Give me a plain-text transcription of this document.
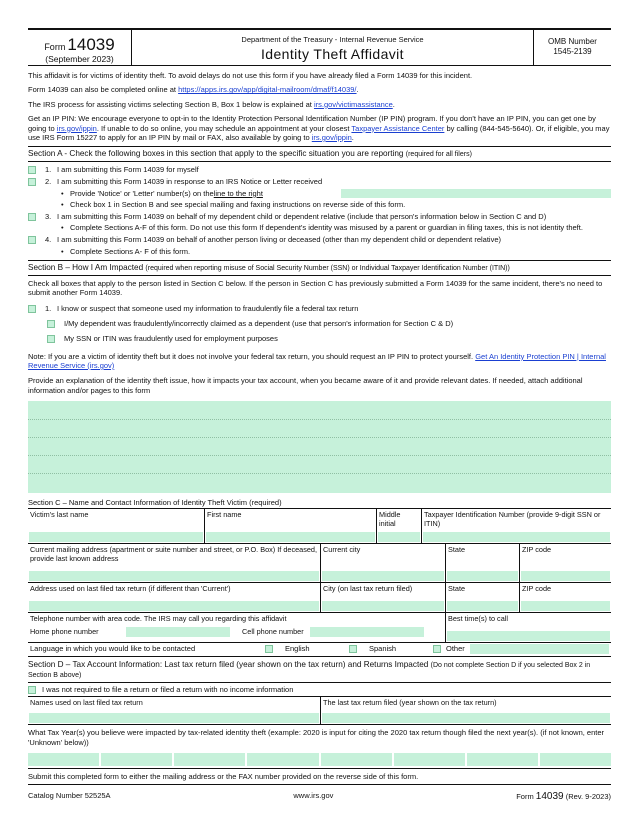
Form 14039
(September 2023)
Department of the Treasury - Internal Revenue Service
Identity Theft Affidavit
OMB Number
1545-2139
This affidavit is for victims of identity theft. To avoid delays do not use this form if you have already filed a Form 14039 for this incident.
Form 14039 can also be completed online at https://apps.irs.gov/app/digital-mailroom/dmaf/f14039/.
The IRS process for assisting victims selecting Section B, Box 1 below is explained at irs.gov/victimassistance.
Get an IP PIN: We encourage everyone to opt-in to the Identity Protection Personal Identification Number (IP PIN) program. If you don't have an IP PIN, you can get one by going to irs.gov/ippin. If unable to do so online, you may schedule an appointment at your closest Taxpayer Assistance Center by calling (844-545-5640). Or, if eligible, you may use IRS Form 15227 to apply for an IP PIN by mail or FAX, also available by going to irs.gov/ippin.
Section A - Check the following boxes in this section that apply to the specific situation you are reporting (required for all filers)
1. I am submitting this Form 14039 for myself
2. I am submitting this Form 14039 in response to an IRS Notice or Letter received
• Provide 'Notice' or 'Letter' number(s) on the line to the right
• Check box 1 in Section B and see special mailing and faxing instructions on reverse side of this form.
3. I am submitting this Form 14039 on behalf of my dependent child or dependent relative (include that person's information below in Section C and D)
• Complete Sections A-F of this form. Do not use this form If dependent's identity was misused by a parent or guardian in filing taxes, this is not identity theft.
4. I am submitting this Form 14039 on behalf of another person living or deceased (other than my dependent child or dependent relative)
• Complete Sections A- F of this form.
Section B – How I Am Impacted (required when reporting misuse of Social Security Number (SSN) or Individual Taxpayer Identification Number (ITIN))
Check all boxes that apply to the person listed in Section C below. If the person in Section C has previously submitted a Form 14039 for the same incident, there's no need to submit another Form 14039.
1. I know or suspect that someone used my information to fraudulently file a federal tax return
I/My dependent was fraudulently/incorrectly claimed as a dependent (use that person's information for Section C & D)
My SSN or ITIN was fraudulently used for employment purposes
Note: If you are a victim of identity theft but it does not involve your federal tax return, you should request an IP PIN to protect yourself. Get An Identity Protection PIN | Internal Revenue Service (irs.gov)
Provide an explanation of the identity theft issue, how it impacts your tax account, when you became aware of it and provide relevant dates. If needed, attach additional information and/or pages to this form
Section C – Name and Contact Information of Identity Theft Victim (required)
Victim's last name	First name	Middle initial
Taxpayer Identification Number (provide 9-digit SSN or ITIN)
Current mailing address (apartment or suite number and street, or P.O. Box) If deceased, provide last known address
Current city	State	ZIP code
Address used on last filed tax return (if different than 'Current')	City (on last tax return filed)	State	ZIP code
Telephone number with area code. The IRS may call you regarding this affidavit
Home phone number	Cell phone number
Best time(s) to call
Language in which you would like to be contacted	English	Spanish	Other
Section D – Tax Account Information: Last tax return filed (year shown on the tax return) and Returns Impacted (Do not complete Section D if you selected Box 2 in Section B above)
I was not required to file a return or filed a return with no income information
Names used on last filed tax return	The last tax return filed (year shown on the tax return)
What Tax Year(s) you believe were impacted by tax-related identity theft (example: 2020 is input for citing the 2020 tax return though filed the next year(s). (if not known, enter 'Unknown' below))
Submit this completed form to either the mailing address or the FAX number provided on the reverse side of this form.
Catalog Number 52525A	www.irs.gov	Form 14039 (Rev. 9-2023)
